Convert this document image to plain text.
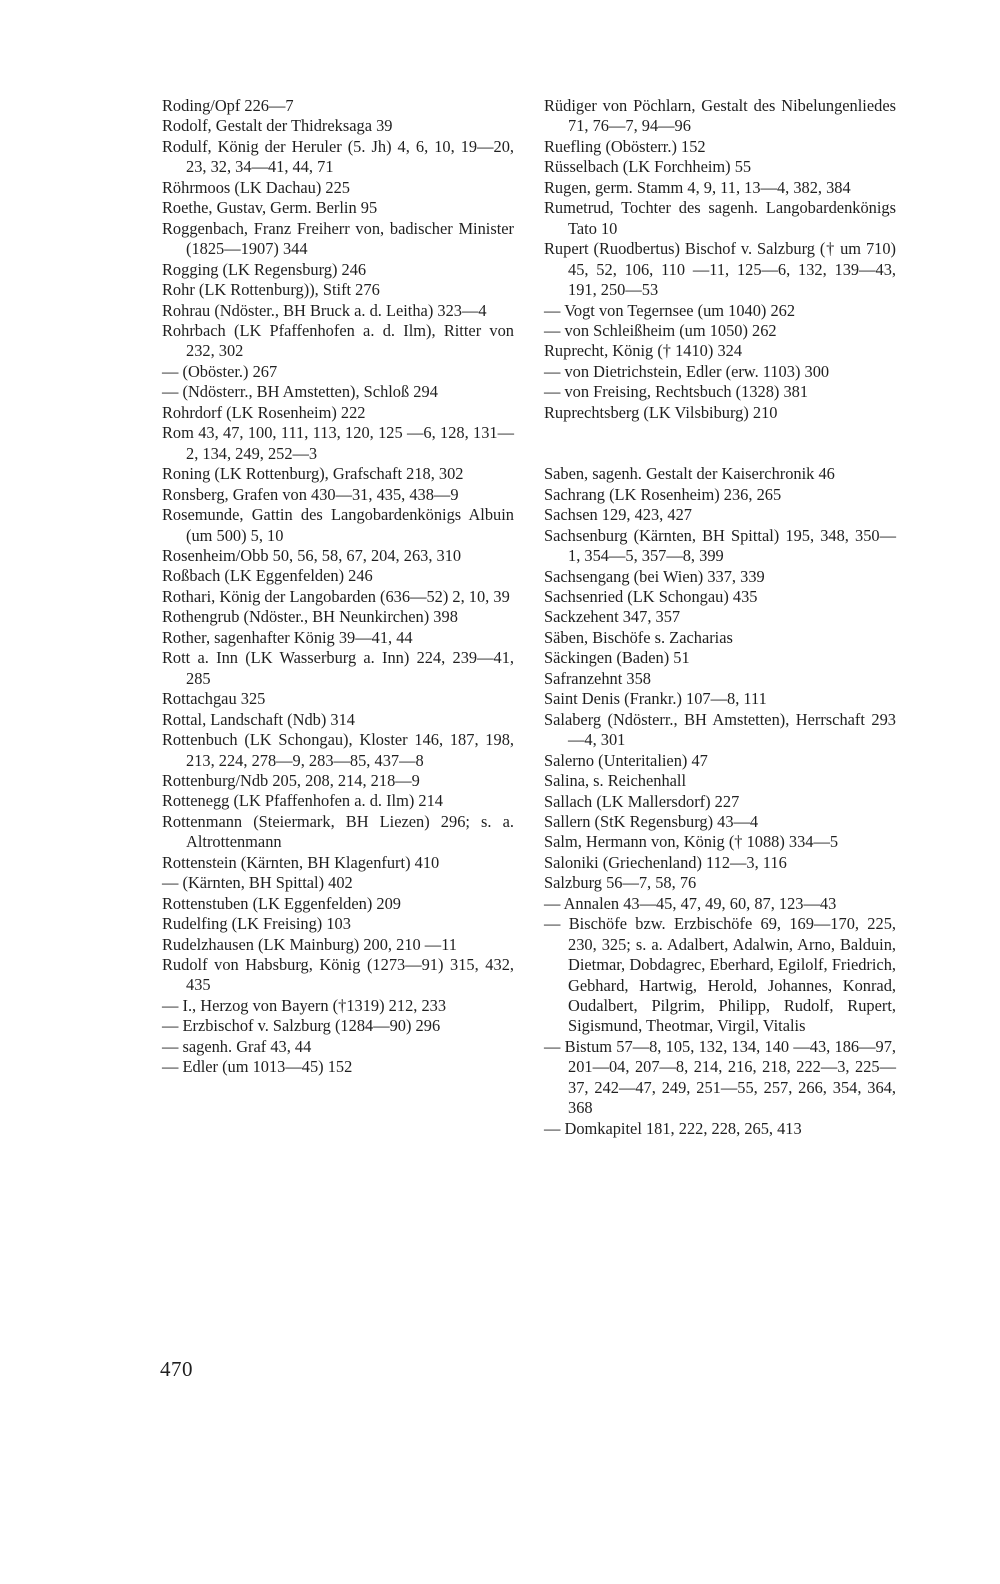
Roding/Opf 226—7
Rodolf, Gestalt der Thidreksaga 39
Rodulf, König der Heruler (5. Jh) 4, 6, 10, 19—20, 23, 32, 34—41, 44, 71
Röhrmoos (LK Dachau) 225
Roethe, Gustav, Germ. Berlin 95
Roggenbach, Franz Freiherr von, badischer Minister (1825—1907) 344
Rogging (LK Regensburg) 246
Rohr (LK Rottenburg)), Stift 276
Rohrau (Ndöster., BH Bruck a. d. Leitha) 323—4
Rohrbach (LK Pfaffenhofen a. d. Ilm), Ritter von 232, 302
— (Oböster.) 267
— (Ndösterr., BH Amstetten), Schloß 294
Rohrdorf (LK Rosenheim) 222
Rom 43, 47, 100, 111, 113, 120, 125 —6, 128, 131—2, 134, 249, 252—3
Roning (LK Rottenburg), Grafschaft 218, 302
Ronsberg, Grafen von 430—31, 435, 438—9
Rosemunde, Gattin des Langobardenkönigs Albuin (um 500) 5, 10
Rosenheim/Obb 50, 56, 58, 67, 204, 263, 310
Roßbach (LK Eggenfelden) 246
Rothari, König der Langobarden (636—52) 2, 10, 39
Rothengrub (Ndöster., BH Neunkirchen) 398
Rother, sagenhafter König 39—41, 44
Rott a. Inn (LK Wasserburg a. Inn) 224, 239—41, 285
Rottachgau 325
Rottal, Landschaft (Ndb) 314
Rottenbuch (LK Schongau), Kloster 146, 187, 198, 213, 224, 278—9, 283—85, 437—8
Rottenburg/Ndb 205, 208, 214, 218—9
Rottenegg (LK Pfaffenhofen a. d. Ilm) 214
Rottenmann (Steiermark, BH Liezen) 296; s. a. Altrottenmann
Rottenstein (Kärnten, BH Klagenfurt) 410
— (Kärnten, BH Spittal) 402
Rottenstuben (LK Eggenfelden) 209
Rudelfing (LK Freising) 103
Rudelzhausen (LK Mainburg) 200, 210 —11
Rudolf von Habsburg, König (1273—91) 315, 432, 435
— I., Herzog von Bayern (†1319) 212, 233
— Erzbischof v. Salzburg (1284—90) 296
— sagenh. Graf 43, 44
— Edler (um 1013—45) 152
Rüdiger von Pöchlarn, Gestalt des Nibelungenliedes 71, 76—7, 94—96
Ruefling (Obösterr.) 152
Rüsselbach (LK Forchheim) 55
Rugen, germ. Stamm 4, 9, 11, 13—4, 382, 384
Rumetrud, Tochter des sagenh. Langobardenkönigs Tato 10
Rupert (Ruodbertus) Bischof v. Salzburg († um 710) 45, 52, 106, 110 —11, 125—6, 132, 139—43, 191, 250—53
— Vogt von Tegernsee (um 1040) 262
— von Schleißheim (um 1050) 262
Ruprecht, König († 1410) 324
— von Dietrichstein, Edler (erw. 1103) 300
— von Freising, Rechtsbuch (1328) 381
Ruprechtsberg (LK Vilsbiburg) 210
Saben, sagenh. Gestalt der Kaiserchronik 46
Sachrang (LK Rosenheim) 236, 265
Sachsen 129, 423, 427
Sachsenburg (Kärnten, BH Spittal) 195, 348, 350—1, 354—5, 357—8, 399
Sachsengang (bei Wien) 337, 339
Sachsenried (LK Schongau) 435
Sackzehent 347, 357
Säben, Bischöfe s. Zacharias
Säckingen (Baden) 51
Safranzehnt 358
Saint Denis (Frankr.) 107—8, 111
Salaberg (Ndösterr., BH Amstetten), Herrschaft 293—4, 301
Salerno (Unteritalien) 47
Salina, s. Reichenhall
Sallach (LK Mallersdorf) 227
Sallern (StK Regensburg) 43—4
Salm, Hermann von, König († 1088) 334—5
Saloniki (Griechenland) 112—3, 116
Salzburg 56—7, 58, 76
— Annalen 43—45, 47, 49, 60, 87, 123—43
— Bischöfe bzw. Erzbischöfe 69, 169—170, 225, 230, 325; s. a. Adalbert, Adalwin, Arno, Balduin, Dietmar, Dobdagrec, Eberhard, Egilolf, Friedrich, Gebhard, Hartwig, Herold, Johannes, Konrad, Oudalbert, Pilgrim, Philipp, Rudolf, Rupert, Sigismund, Theotmar, Virgil, Vitalis
— Bistum 57—8, 105, 132, 134, 140 —43, 186—97, 201—04, 207—8, 214, 216, 218, 222—3, 225—37, 242—47, 249, 251—55, 257, 266, 354, 364, 368
— Domkapitel 181, 222, 228, 265, 413
470
